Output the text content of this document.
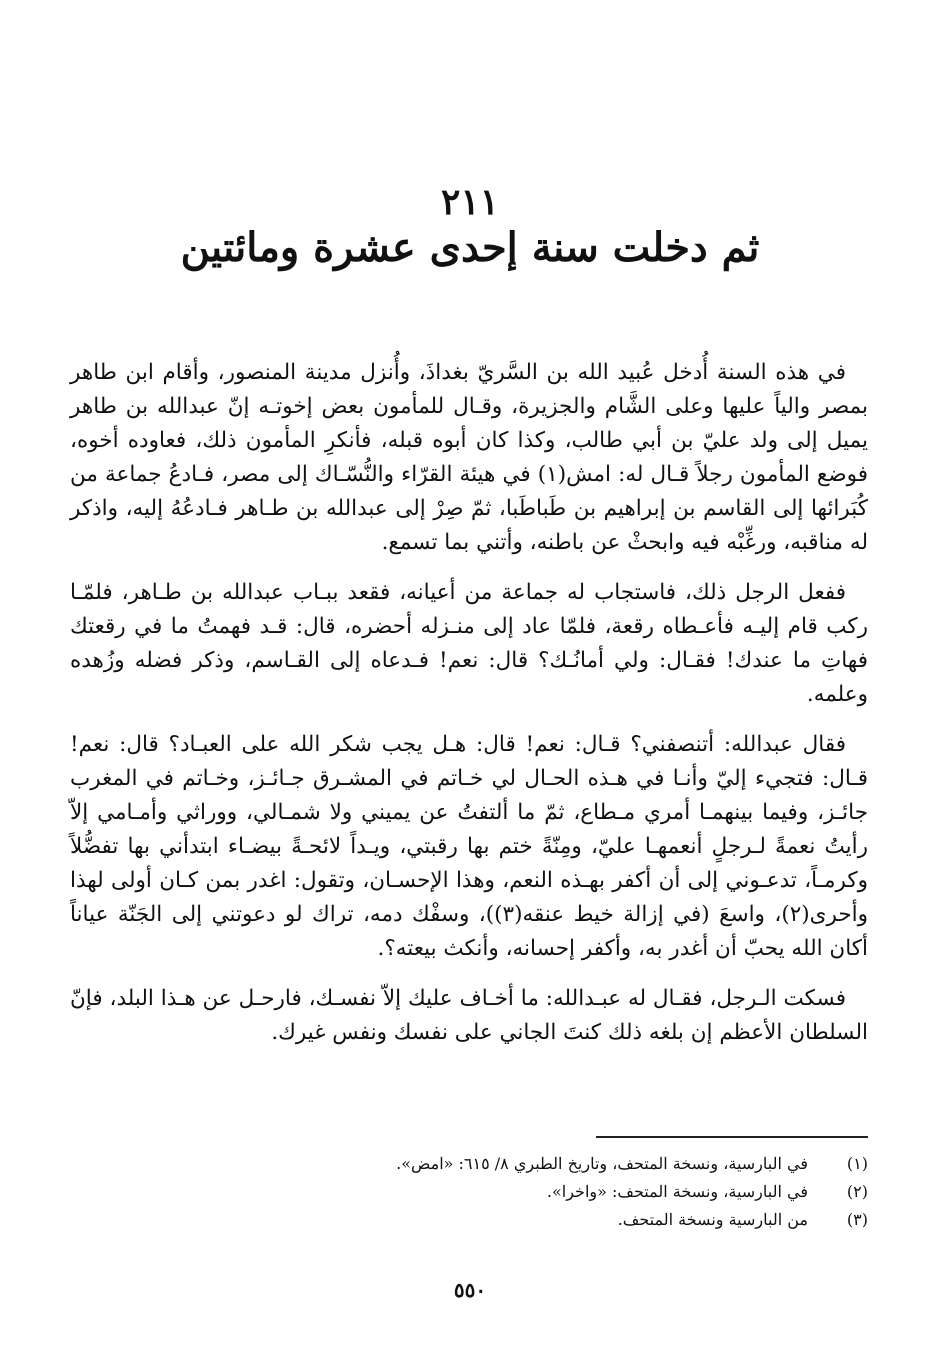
٢١١
ثم دخلت سنة إحدى عشرة ومائتين

في هذه السنة أُدخل عُبيد الله بن السَّريّ بغداذَ، وأُنزل مدينة المنصور، وأقام ابن طاهر بمصر والياً عليها وعلى الشَّام والجزيرة، وقـال للمأمون بعض إخوتـه إنّ عبدالله بن طاهر يميل إلى ولد عليّ بن أبي طالب، وكذا كان أبوه قبله، فأنكرِ المأمون ذلك، فعاوده أخوه، فوضع المأمون رجلاً قـال له: امش(١) في هيئة القرّاء والنُّسّـاك إلى مصر، فـادعُ جماعة من كُبَرائها إلى القاسم بن إبراهيم بن طَباطَبا، ثمّ صِرْ إلى عبدالله بن طـاهر فـادعُهُ إليه، واذكر له مناقبه، ورغِّبْه فيه وابحثْ عن باطنه، وأتني بما تسمع.

ففعل الرجل ذلك، فاستجاب له جماعة من أعيانه، فقعد ببـاب عبدالله بن طـاهر، فلمّـا ركب قام إليـه فأعـطاه رقعة، فلمّا عاد إلى منـزله أحضره، قال: قـد فهمتُ ما في رقعتك فهاتِ ما عندك! فقـال: ولي أمانُـك؟ قال: نعم! فـدعاه إلى القـاسم، وذكر فضله وزُهده وعلمه.

فقال عبدالله: أتنصفني؟ قـال: نعم! قال: هـل يجب شكر الله على العبـاد؟ قال: نعم! قـال: فتجيء إليّ وأنـا في هـذه الحـال لي خـاتم في المشـرق جـائـز، وخـاتم في المغرب جائـز، وفيما بينهمـا أمري مـطاع، ثمّ ما ألتفتُ عن يميني ولا شمـالي، ووراثي وأمـامي إلاّ رأيتُ نعمةً لـرجلٍ أنعمهـا عليّ، ومِنّةً ختم بها رقبتي، ويـداً لائحـةً بيضـاء ابتدأني بها تفضُّلاً وكرمـاً، تدعـوني إلى أن أكفر بهـذه النعم، وهذا الإحسـان، وتقول: اغدر بمن كـان أولى لهذا وأحرى(٢)، واسعَ (في إزالة خيط عنقه(٣))، وسفْك دمه، تراك لو دعوتني إلى الجَنّة عياناً أكان الله يحبّ أن أغدر به، وأكفر إحسانه، وأنكث بيعته؟.

فسكت الـرجل، فقـال له عبـدالله: ما أخـاف عليك إلاّ نفسـك، فارحـل عن هـذا البلد، فإنّ السلطان الأعظم إن بلغه ذلك كنتَ الجاني على نفسك ونفس غيرك.

(١)
في البارسية، ونسخة المتحف، وتاريخ الطبري ٨/ ٦١٥: «امض».
(٢)
في البارسية، ونسخة المتحف: «واخرا».
(٣)
من البارسية ونسخة المتحف.
٥٥٠
